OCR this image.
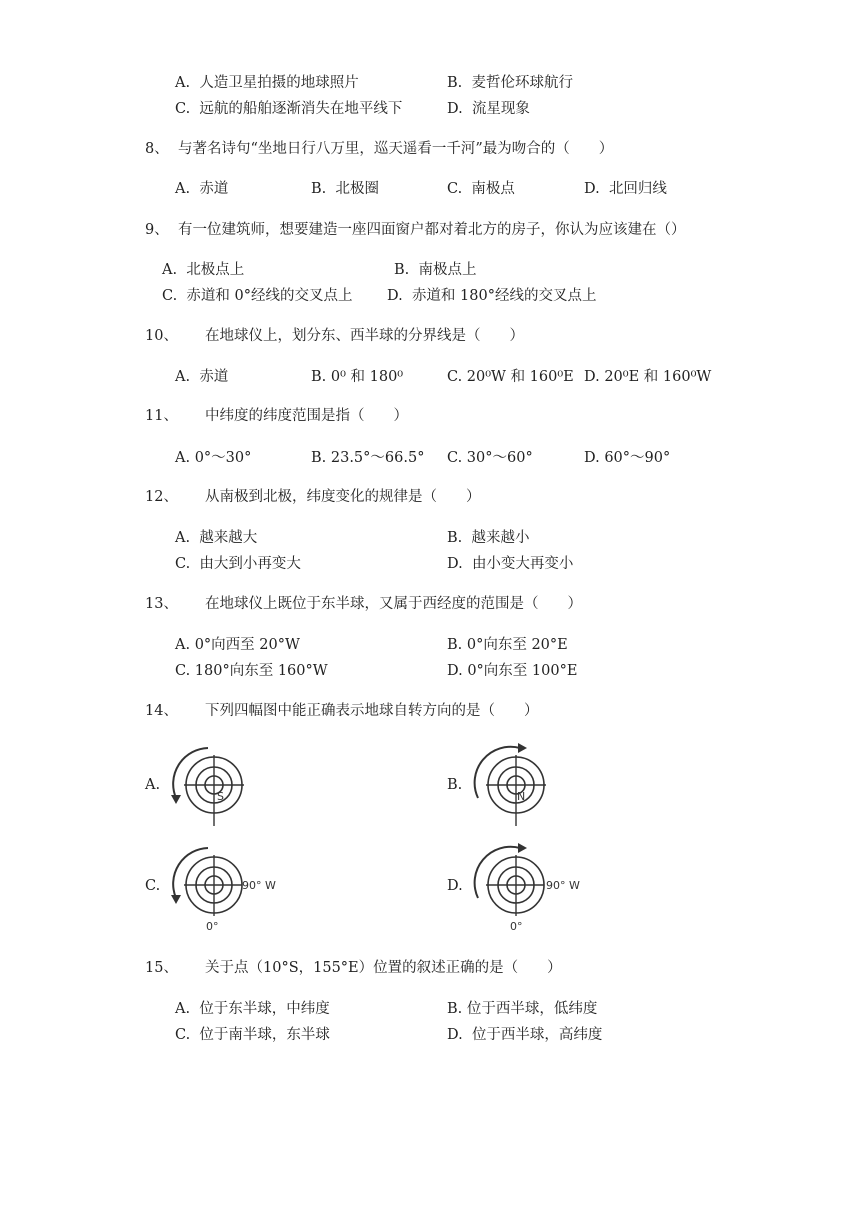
A. 人造卫星拍摄的地球照片	B. 麦哲伦环球航行
C. 远航的船舶逐渐消失在地平线下	D. 流星现象
8、 与著名诗句“坐地日行八万里，巡天遥看一千河”最为吻合的（　　）
A. 赤道	B. 北极圈	C. 南极点	D. 北回归线
9、 有一位建筑师，想要建造一座四面窗户都对着北方的房子，你认为应该建在（）
A. 北极点上	B. 南极点上
C. 赤道和 0°经线的交叉点上 D. 赤道和 180°经线的交叉点上
10、 在地球仪上，划分东、西半球的分界线是（　　）
A. 赤道	B. 0⁰ 和 180⁰	C. 20⁰W 和 160⁰E D. 20⁰E 和 160⁰W
11、 中纬度的纬度范围是指（　　）
A. 0°～30°	B. 23.5°～66.5° C. 30°～60°	D. 60°～90°
12、 从南极到北极，纬度变化的规律是（　　）
A. 越来越大	B. 越来越小
C. 由大到小再变大	D. 由小变大再变小
13、 在地球仪上既位于东半球，又属于西经度的范围是（　　）
A. 0°向西至 20°W	B. 0°向东至 20°E
C. 180°向东至 160°W	D. 0°向东至 100°E
14、 下列四幅图中能正确表示地球自转方向的是（　　）
A.
S
B.
N
C.	90° W
0°
D.	90° W
0°
15、 关于点（10°S，155°E）位置的叙述正确的是（　　）
A. 位于东半球，中纬度	B. 位于西半球，低纬度
C. 位于南半球，东半球	D. 位于西半球，高纬度
